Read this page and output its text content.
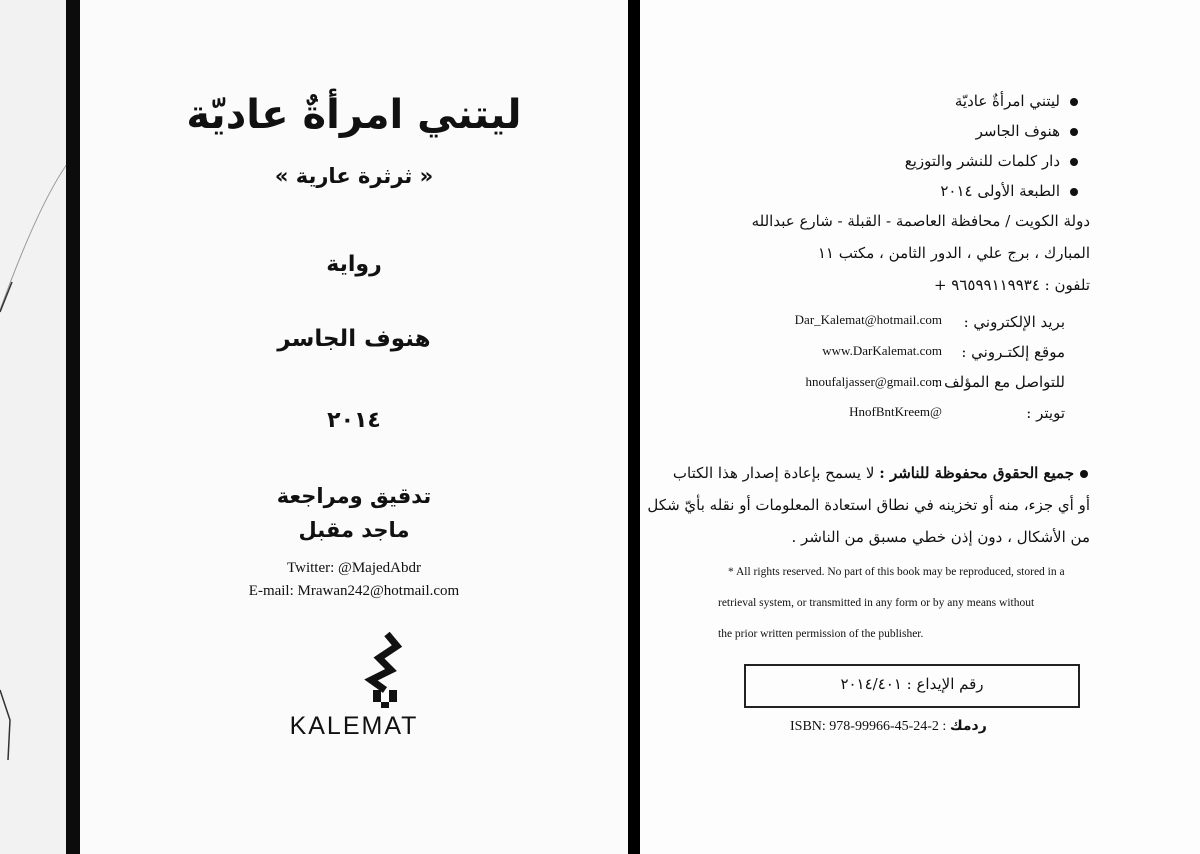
ليتني امرأةٌ عاديّة
« ثرثرة عارية »
رواية
هنوف الجاسر
٢٠١٤
تدقيق ومراجعة
ماجد مقبل
Twitter: @MajedAbdr
E-mail: Mrawan242@hotmail.com
KALEMAT
ليتني امرأةٌ عاديّة
هنوف الجاسر
دار كلمات للنشر والتوزيع
الطبعة الأولى ٢٠١٤
دولة الكويت / محافظة العاصمة - القبلة - شارع عبدالله
المبارك ، برج علي ، الدور الثامن ، مكتب ١١
تلفون : ٩٦٥٩٩١١٩٩٣٤ +
بريد الإلكتروني :
Dar_Kalemat@hotmail.com
موقع إلكتـروني :
www.DarKalemat.com
للتواصل مع المؤلف :
hnoufaljasser@gmail.com
تويتر :
HnofBntKreem@
جميع الحقوق محفوظة للناشر : لا يسمح بإعادة إصدار هذا الكتاب
أو أي جزء، منه أو تخزينه في نطاق استعادة المعلومات أو نقله بأيّ شكل
من الأشكال ، دون إذن خطي مسبق من الناشر .
* All rights reserved. No part of this book may be reproduced, stored in a
retrieval system, or transmitted in any form or by any means without
the prior written permission of the publisher.
رقم الإيداع : ٢٠١٤/٤٠١
ISBN: 978-99966-45-24-2 : ردمك
